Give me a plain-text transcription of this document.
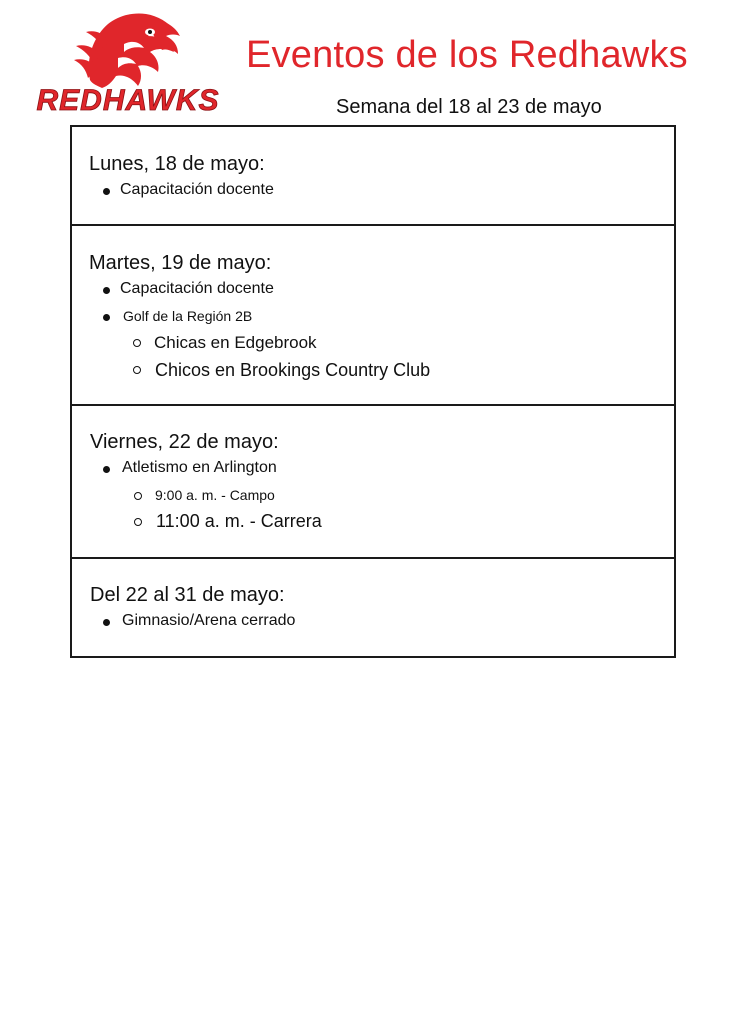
REDHAWKS
Eventos de los Redhawks
Semana del 18 al 23 de mayo
Lunes, 18 de mayo:
Capacitación docente
Martes, 19 de mayo:
Capacitación docente
Golf de la Región 2B
Chicas en Edgebrook
Chicos en Brookings Country Club
Viernes, 22 de mayo:
Atletismo en Arlington
9:00 a. m. - Campo
11:00 a. m. - Carrera
Del 22 al 31 de mayo:
Gimnasio/Arena cerrado
